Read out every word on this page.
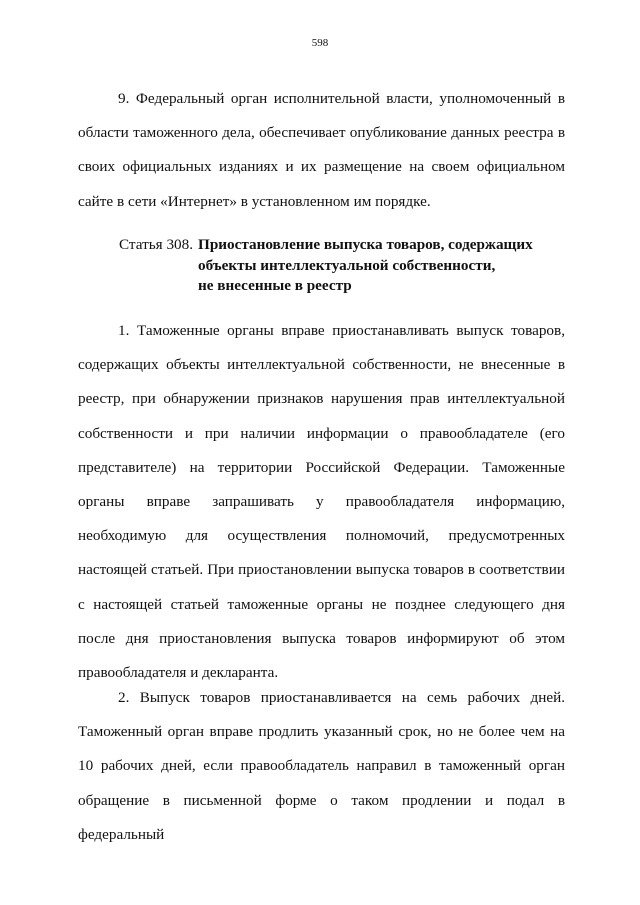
598

9. Федеральный орган исполнительной власти, уполномоченный в области таможенного дела, обеспечивает опубликование данных реестра в своих официальных изданиях и их размещение на своем официальном сайте в сети «Интернет» в установленном им порядке.

Статья 308. Приостановление выпуска товаров, содержащих
объекты интеллектуальной собственности,
не внесенные в реестр

1. Таможенные органы вправе приостанавливать выпуск товаров, содержащих объекты интеллектуальной собственности, не внесенные в реестр, при обнаружении признаков нарушения прав интеллектуальной собственности и при наличии информации о правообладателе (его представителе) на территории Российской Федерации. Таможенные органы вправе запрашивать у правообладателя информацию, необходимую для осуществления полномочий, предусмотренных настоящей статьей. При приостановлении выпуска товаров в соответствии с настоящей статьей таможенные органы не позднее следующего дня после дня приостановления выпуска товаров информируют об этом правообладателя и декларанта.

2. Выпуск товаров приостанавливается на семь рабочих дней. Таможенный орган вправе продлить указанный срок, но не более чем на 10 рабочих дней, если правообладатель направил в таможенный орган обращение в письменной форме о таком продлении и подал в федеральный
